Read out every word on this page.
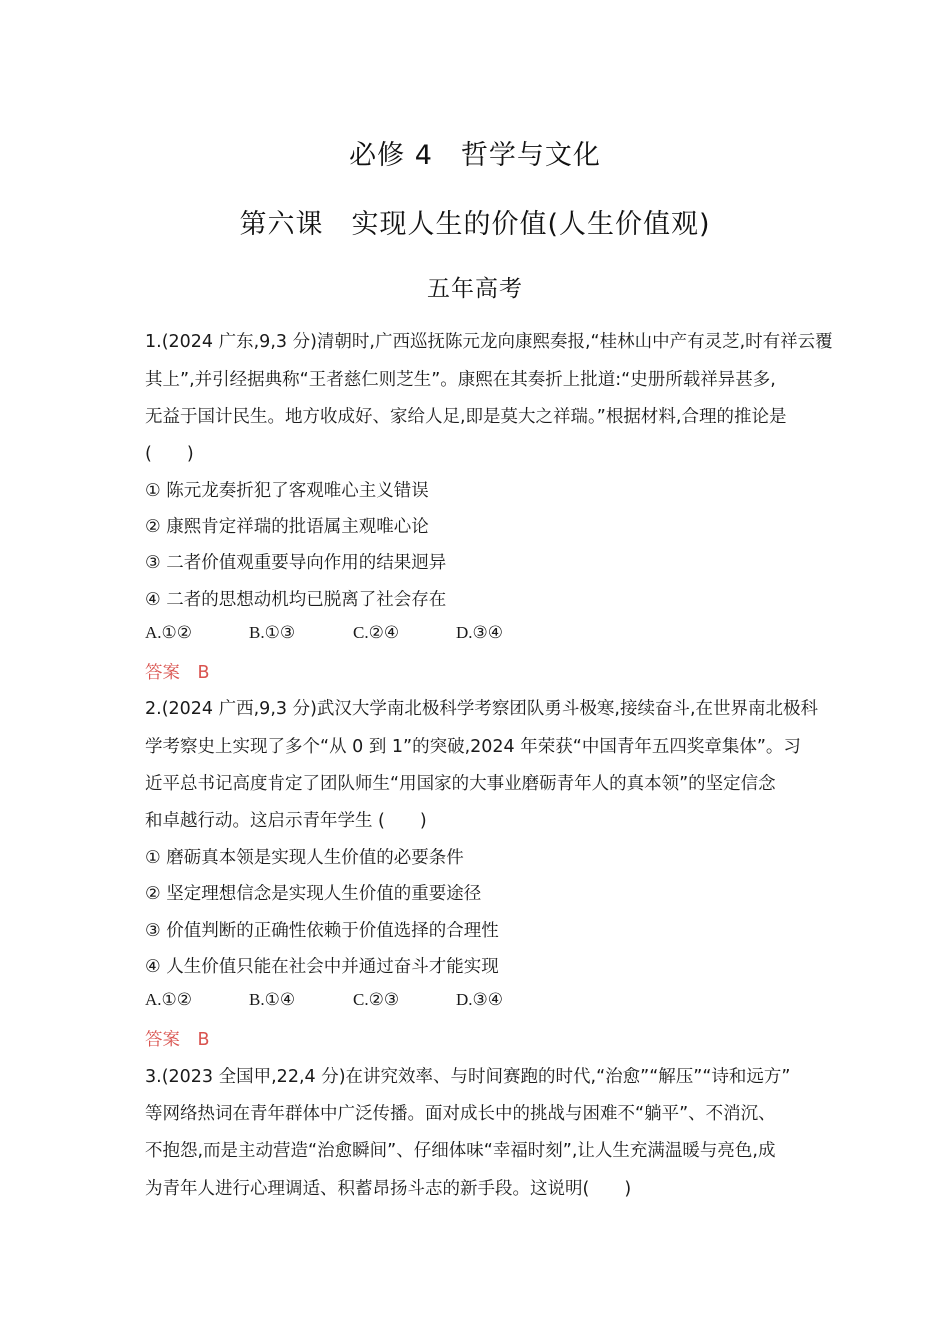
必修 4　哲学与文化
第六课　实现人生的价值(人生价值观)
五年高考
1.(2024 广东,9,3 分)清朝时,广西巡抚陈元龙向康熙奏报,“桂林山中产有灵芝,时有祥云覆
其上”,并引经据典称“王者慈仁则芝生”。康熙在其奏折上批道:“史册所载祥异甚多,
无益于国计民生。地方收成好、家给人足,即是莫大之祥瑞。”根据材料,合理的推论是
(　　)
① 陈元龙奏折犯了客观唯心主义错误
② 康熙肯定祥瑞的批语属主观唯心论
③ 二者价值观重要导向作用的结果迥异
④ 二者的思想动机均已脱离了社会存在
A.①②	B.①③	C.②④	D.③④
答案　B
2.(2024 广西,9,3 分)武汉大学南北极科学考察团队勇斗极寒,接续奋斗,在世界南北极科
学考察史上实现了多个“从 0 到 1”的突破,2024 年荣获“中国青年五四奖章集体”。习
近平总书记高度肯定了团队师生“用国家的大事业磨砺青年人的真本领”的坚定信念
和卓越行动。这启示青年学生 (　　)
① 磨砺真本领是实现人生价值的必要条件
② 坚定理想信念是实现人生价值的重要途径
③ 价值判断的正确性依赖于价值选择的合理性
④ 人生价值只能在社会中并通过奋斗才能实现
A.①②	B.①④	C.②③	D.③④
答案　B
3.(2023 全国甲,22,4 分)在讲究效率、与时间赛跑的时代,“治愈”“解压”“诗和远方”
等网络热词在青年群体中广泛传播。面对成长中的挑战与困难不“躺平”、不消沉、
不抱怨,而是主动营造“治愈瞬间”、仔细体味“幸福时刻”,让人生充满温暖与亮色,成
为青年人进行心理调适、积蓄昂扬斗志的新手段。这说明(　　)
